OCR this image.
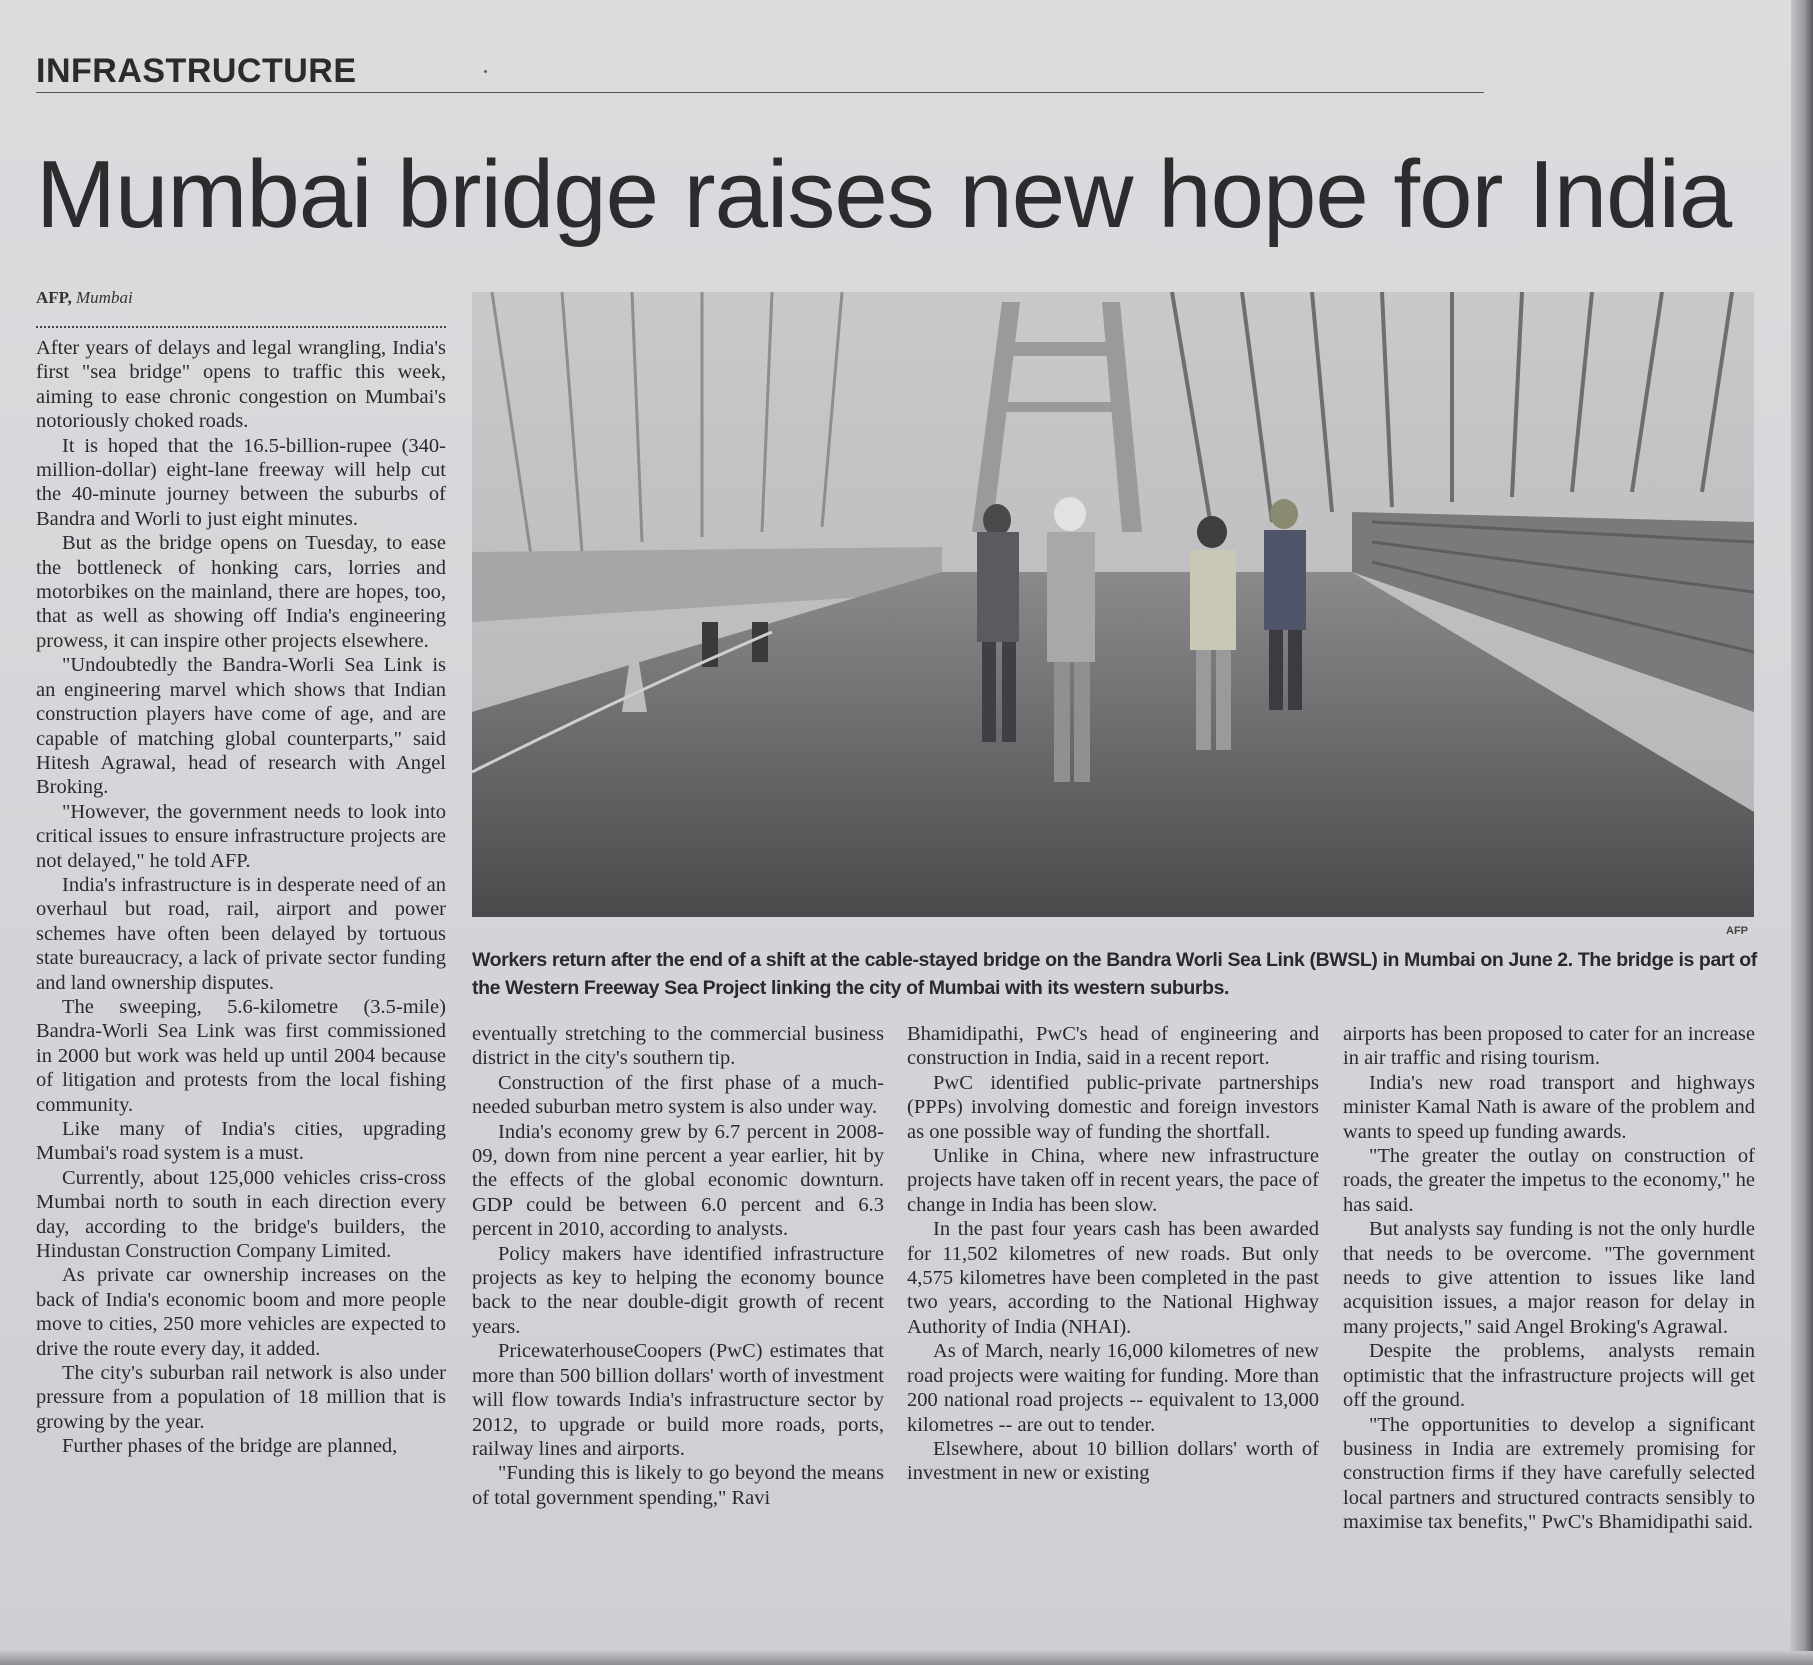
INFRASTRUCTURE
Mumbai bridge raises new hope for India
AFP, Mumbai

After years of delays and legal wrangling, India's first "sea bridge" opens to traffic this week, aiming to ease chronic congestion on Mumbai's notoriously choked roads.

It is hoped that the 16.5-billion-rupee (340-million-dollar) eight-lane freeway will help cut the 40-minute journey between the suburbs of Bandra and Worli to just eight minutes.

But as the bridge opens on Tuesday, to ease the bottleneck of honking cars, lorries and motorbikes on the mainland, there are hopes, too, that as well as showing off India's engineering prowess, it can inspire other projects elsewhere.

"Undoubtedly the Bandra-Worli Sea Link is an engineering marvel which shows that Indian construction players have come of age, and are capable of matching global counterparts," said Hitesh Agrawal, head of research with Angel Broking.

"However, the government needs to look into critical issues to ensure infrastructure projects are not delayed," he told AFP.

India's infrastructure is in desperate need of an overhaul but road, rail, airport and power schemes have often been delayed by tortuous state bureaucracy, a lack of private sector funding and land ownership disputes.

The sweeping, 5.6-kilometre (3.5-mile) Bandra-Worli Sea Link was first commissioned in 2000 but work was held up until 2004 because of litigation and protests from the local fishing community.

Like many of India's cities, upgrading Mumbai's road system is a must.

Currently, about 125,000 vehicles criss-cross Mumbai north to south in each direction every day, according to the bridge's builders, the Hindustan Construction Company Limited.

As private car ownership increases on the back of India's economic boom and more people move to cities, 250 more vehicles are expected to drive the route every day, it added.

The city's suburban rail network is also under pressure from a population of 18 million that is growing by the year.

Further phases of the bridge are planned,

AFP
Workers return after the end of a shift at the cable-stayed bridge on the Bandra Worli Sea Link (BWSL) in Mumbai on June 2. The bridge is part of the Western Freeway Sea Project linking the city of Mumbai with its western suburbs.

eventually stretching to the commercial business district in the city's southern tip.

Construction of the first phase of a much-needed suburban metro system is also under way.

India's economy grew by 6.7 percent in 2008-09, down from nine percent a year earlier, hit by the effects of the global economic downturn. GDP could be between 6.0 percent and 6.3 percent in 2010, according to analysts.

Policy makers have identified infrastructure projects as key to helping the economy bounce back to the near double-digit growth of recent years.

PricewaterhouseCoopers (PwC) estimates that more than 500 billion dollars' worth of investment will flow towards India's infrastructure sector by 2012, to upgrade or build more roads, ports, railway lines and airports.

"Funding this is likely to go beyond the means of total government spending," Ravi

Bhamidipathi, PwC's head of engineering and construction in India, said in a recent report.

PwC identified public-private partnerships (PPPs) involving domestic and foreign investors as one possible way of funding the shortfall.

Unlike in China, where new infrastructure projects have taken off in recent years, the pace of change in India has been slow.

In the past four years cash has been awarded for 11,502 kilometres of new roads. But only 4,575 kilometres have been completed in the past two years, according to the National Highway Authority of India (NHAI).

As of March, nearly 16,000 kilometres of new road projects were waiting for funding. More than 200 national road projects -- equivalent to 13,000 kilometres -- are out to tender.

Elsewhere, about 10 billion dollars' worth of investment in new or existing

airports has been proposed to cater for an increase in air traffic and rising tourism.

India's new road transport and highways minister Kamal Nath is aware of the problem and wants to speed up funding awards.

"The greater the outlay on construction of roads, the greater the impetus to the economy," he has said.

But analysts say funding is not the only hurdle that needs to be overcome. "The government needs to give attention to issues like land acquisition issues, a major reason for delay in many projects," said Angel Broking's Agrawal.

Despite the problems, analysts remain optimistic that the infrastructure projects will get off the ground.

"The opportunities to develop a significant business in India are extremely promising for construction firms if they have carefully selected local partners and structured contracts sensibly to maximise tax benefits," PwC's Bhamidipathi said.
